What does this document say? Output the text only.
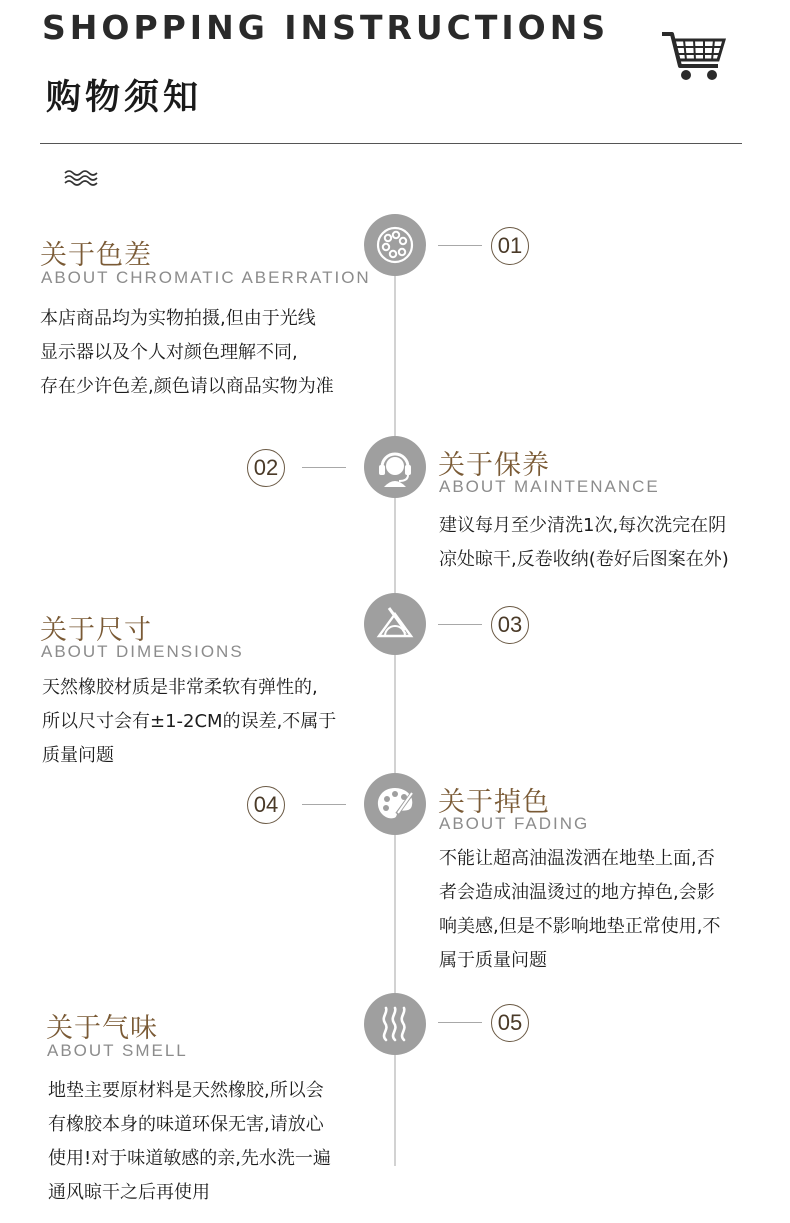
SHOPPING INSTRUCTIONS
购物须知
01
关于色差
ABOUT CHROMATIC ABERRATION
本店商品均为实物拍摄,但由于光线
显示器以及个人对颜色理解不同,
存在少许色差,颜色请以商品实物为准
02	关于保养
ABOUT MAINTENANCE
建议每月至少清洗1次,每次洗完在阴
凉处晾干,反卷收纳(卷好后图案在外)
03
关于尺寸
ABOUT DIMENSIONS
天然橡胶材质是非常柔软有弹性的,
所以尺寸会有±1-2CM的误差,不属于
质量问题
04	关于掉色
ABOUT FADING
不能让超高油温泼洒在地垫上面,否
者会造成油温烫过的地方掉色,会影
响美感,但是不影响地垫正常使用,不
属于质量问题
05
关于气味
ABOUT SMELL
地垫主要原材料是天然橡胶,所以会
有橡胶本身的味道环保无害,请放心
使用!对于味道敏感的亲,先水洗一遍
通风晾干之后再使用
